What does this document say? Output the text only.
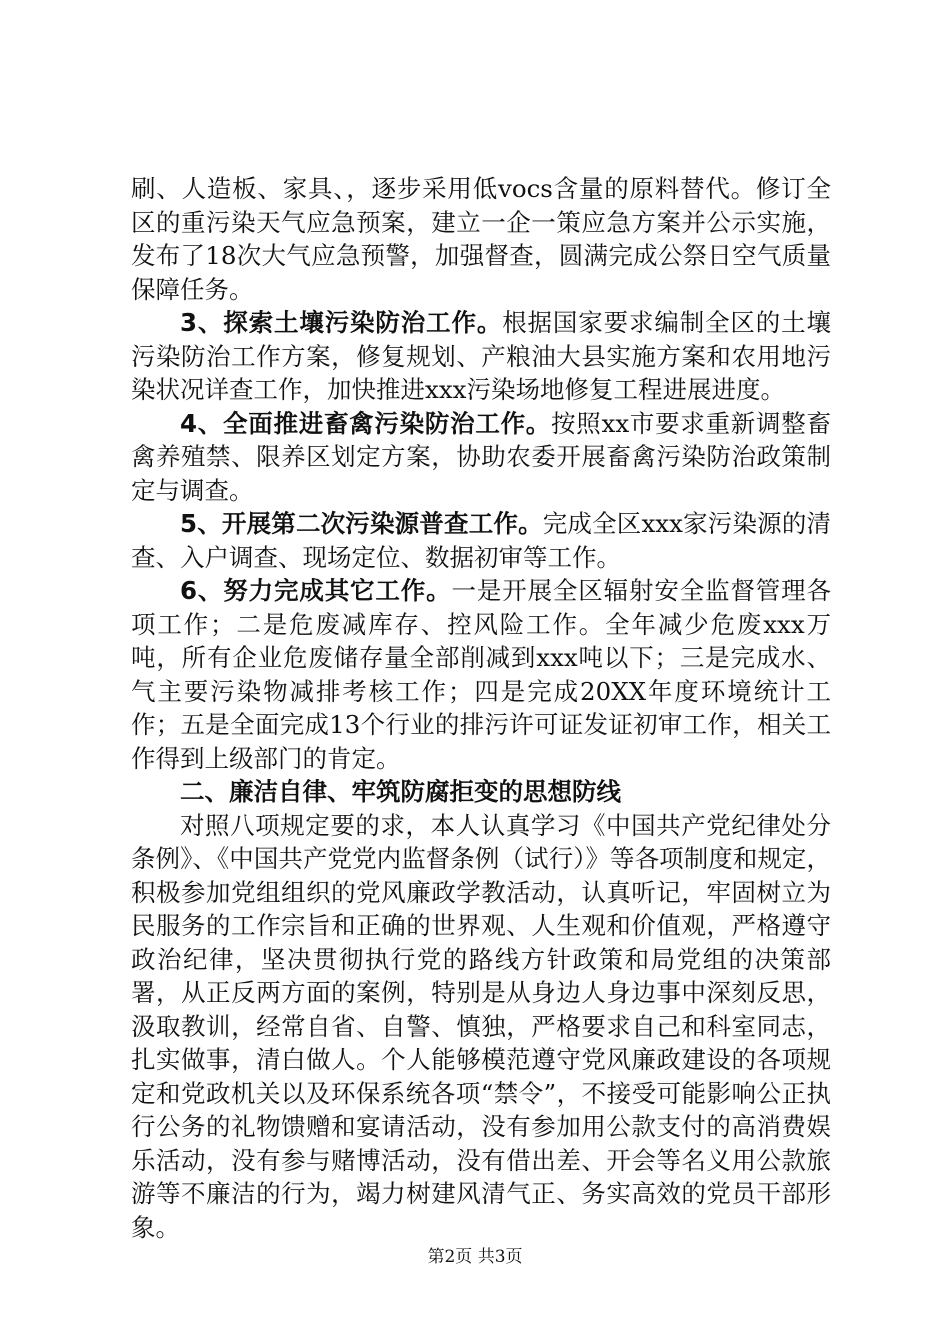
刷、人造板、家具、，逐步采用低vocs含量的原料替代。修订全区的重污染天气应急预案，建立一企一策应急方案并公示实施，发布了18次大气应急预警，加强督查，圆满完成公祭日空气质量保障任务。

3、探索土壤污染防治工作。根据国家要求编制全区的土壤污染防治工作方案，修复规划、产粮油大县实施方案和农用地污染状况详查工作，加快推进xxx污染场地修复工程进展进度。

4、全面推进畜禽污染防治工作。按照xx市要求重新调整畜禽养殖禁、限养区划定方案，协助农委开展畜禽污染防治政策制定与调查。

5、开展第二次污染源普查工作。完成全区xxx家污染源的清查、入户调查、现场定位、数据初审等工作。

6、努力完成其它工作。一是开展全区辐射安全监督管理各项工作；二是危废减库存、控风险工作。全年减少危废xxx万吨，所有企业危废储存量全部削减到xxx吨以下；三是完成水、气主要污染物减排考核工作；四是完成20XX年度环境统计工作；五是全面完成13个行业的排污许可证发证初审工作，相关工作得到上级部门的肯定。

二、廉洁自律、牢筑防腐拒变的思想防线

对照八项规定要的求，本人认真学习《中国共产党纪律处分条例》、《中国共产党党内监督条例（试行）》等各项制度和规定，积极参加党组组织的党风廉政学教活动，认真听记，牢固树立为民服务的工作宗旨和正确的世界观、人生观和价值观，严格遵守政治纪律，坚决贯彻执行党的路线方针政策和局党组的决策部署，从正反两方面的案例，特别是从身边人身边事中深刻反思，汲取教训，经常自省、自警、慎独，严格要求自己和科室同志，扎实做事，清白做人。个人能够模范遵守党风廉政建设的各项规定和党政机关以及环保系统各项“禁令”，不接受可能影响公正执行公务的礼物馈赠和宴请活动，没有参加用公款支付的高消费娱乐活动，没有参与赌博活动，没有借出差、开会等名义用公款旅游等不廉洁的行为，竭力树建风清气正、务实高效的党员干部形象。

第2页 共3页
